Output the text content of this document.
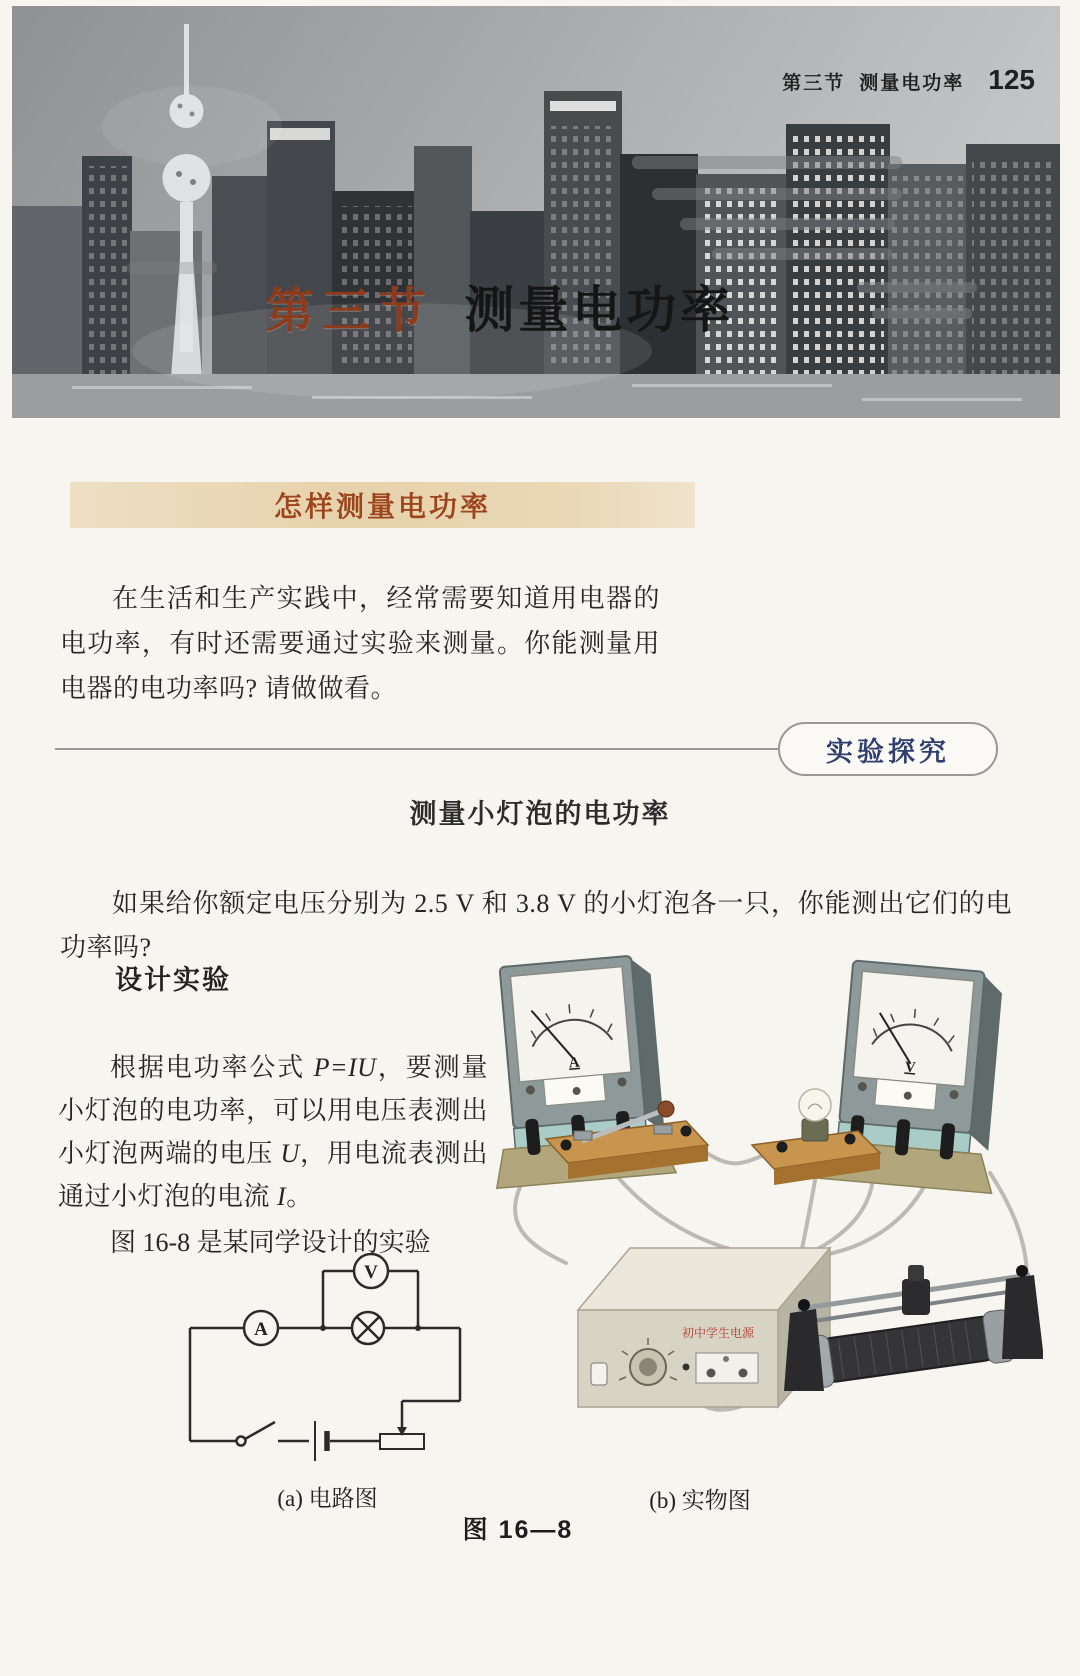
第三节 测量电功率 125
第三节 测量电功率
怎样测量电功率

在生活和生产实践中，经常需要知道用电器的电功率，有时还需要通过实验来测量。你能测量用电器的电功率吗? 请做做看。

实验探究
测量小灯泡的电功率

如果给你额定电压分别为 2.5 V 和 3.8 V 的小灯泡各一只，你能测出它们的电功率吗?

设计实验

根据电功率公式 P=IU，要测量小灯泡的电功率，可以用电压表测出小灯泡两端的电压 U，用电流表测出通过小灯泡的电流 I。

图 16-8 是某同学设计的实验

V
A
A	V
初中学生电源
(a) 电路图	(b) 实物图
图 16—8
